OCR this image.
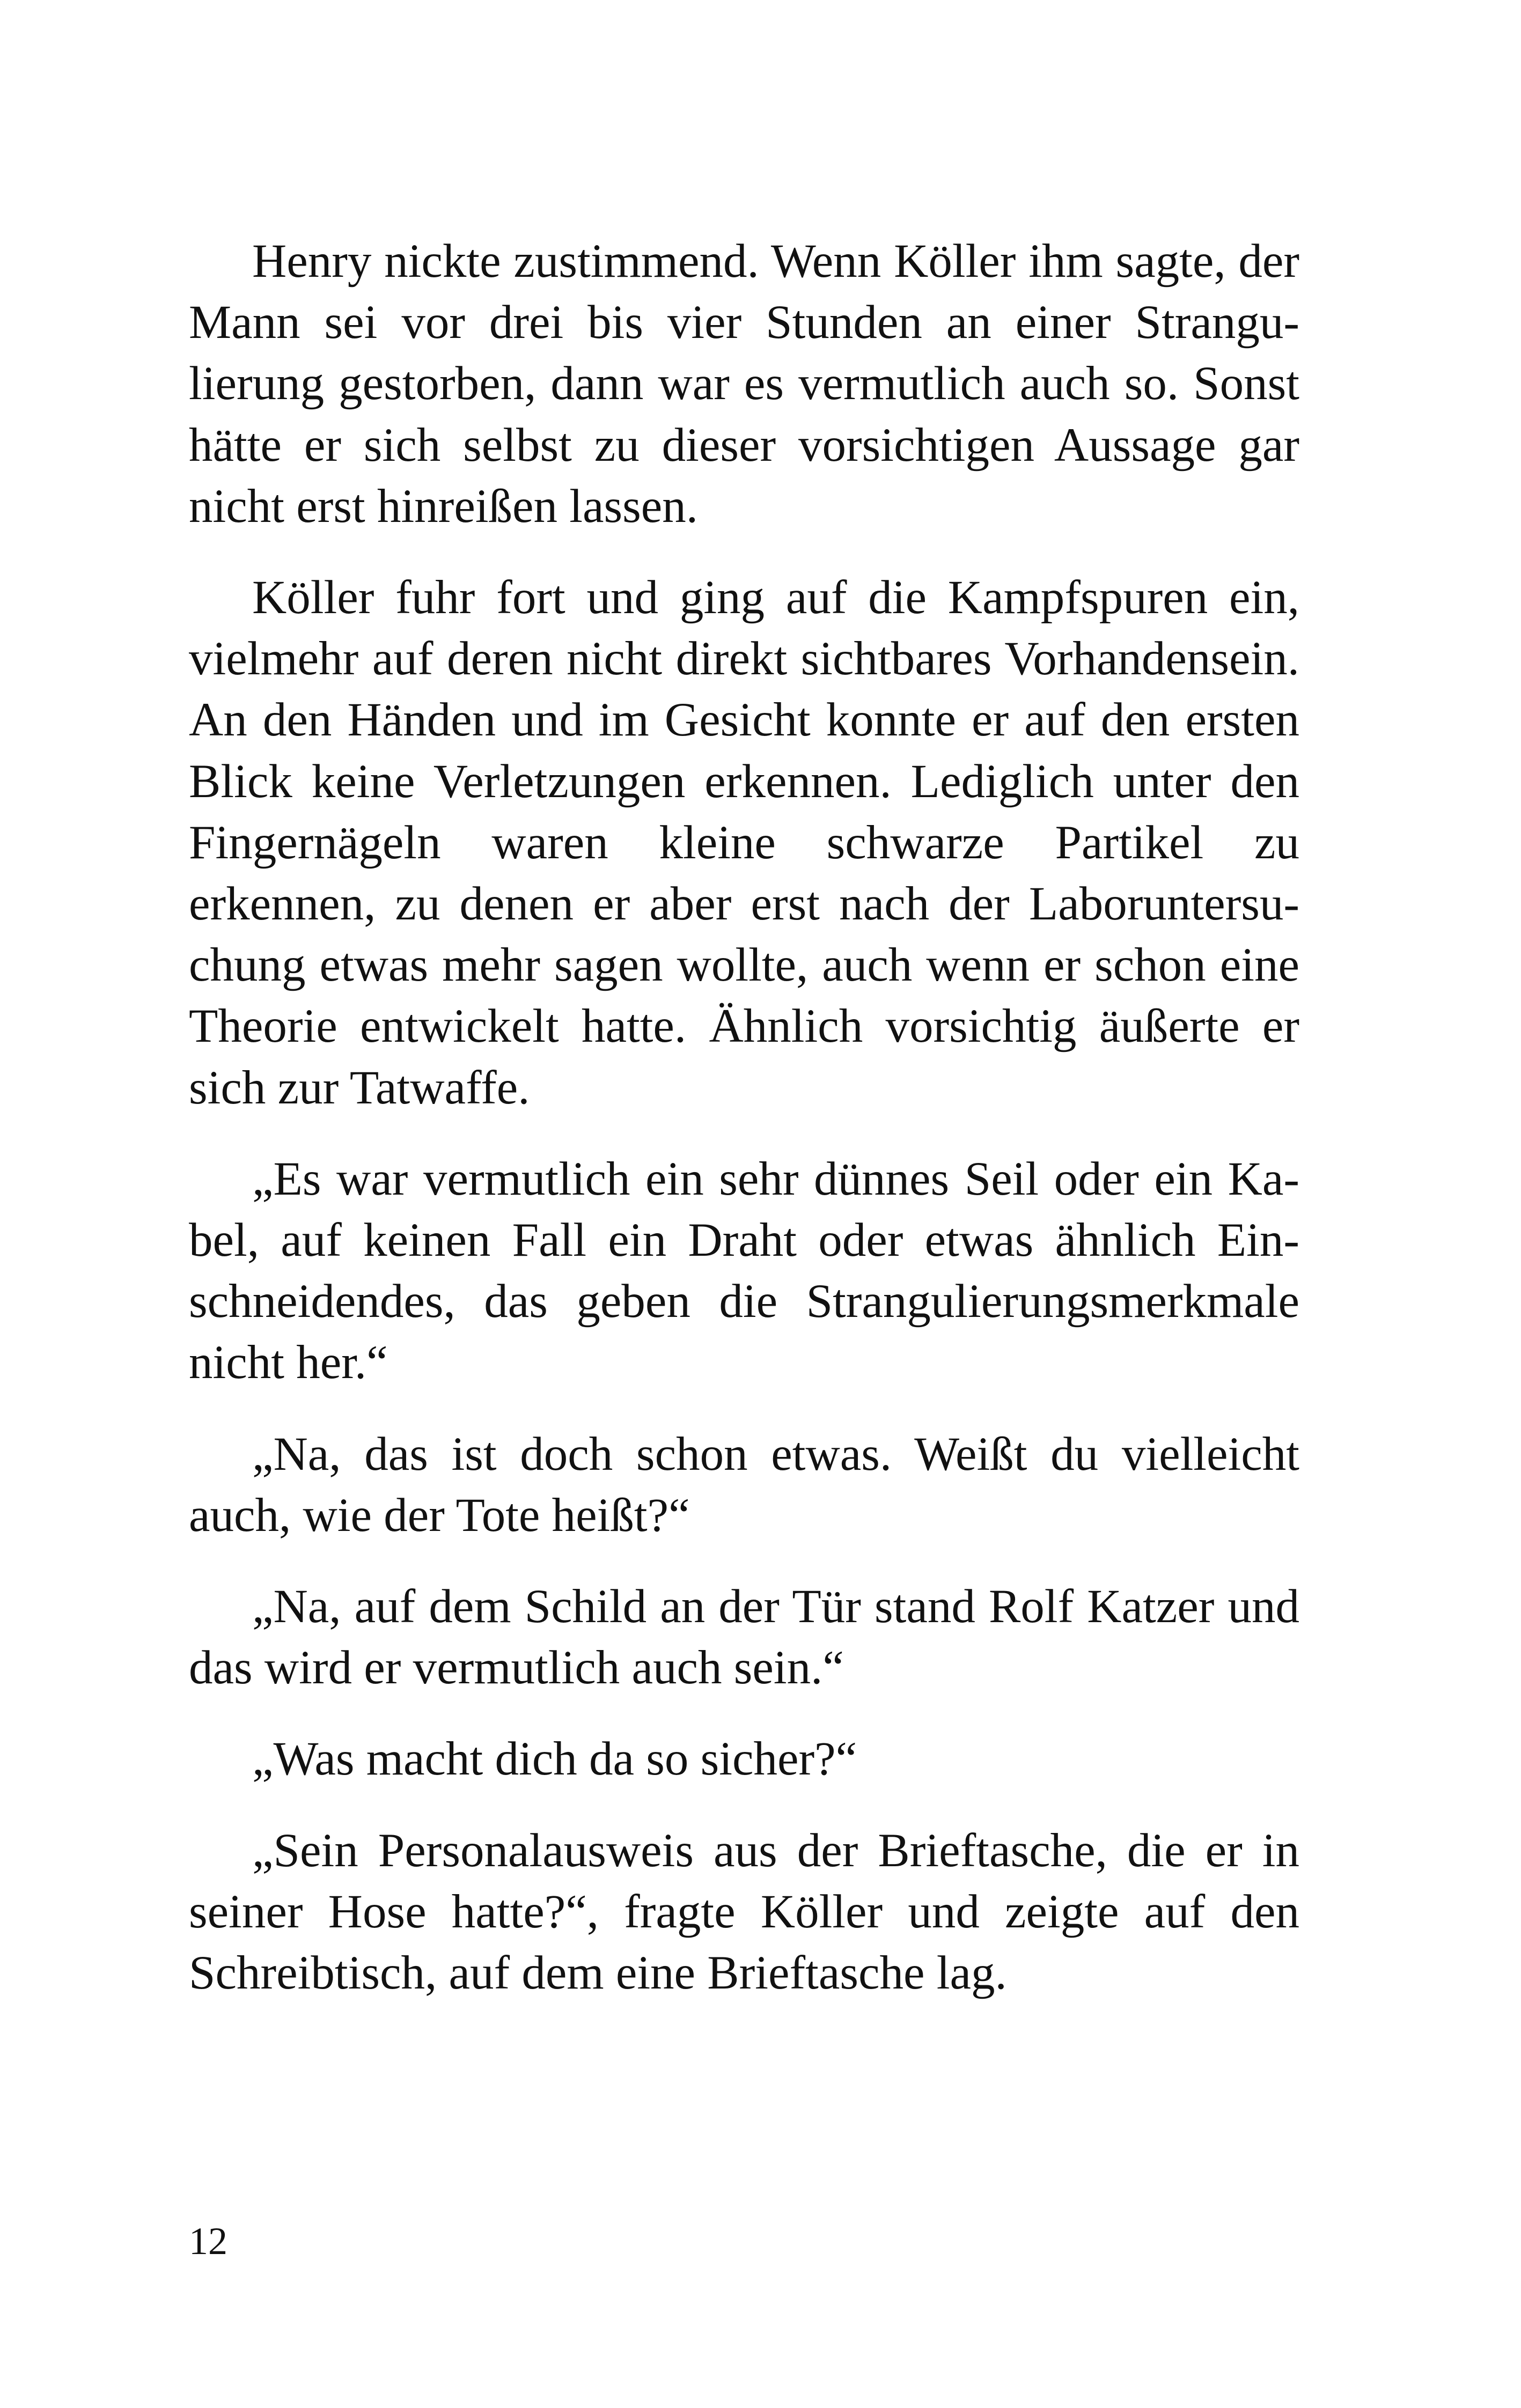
Henry nickte zustimmend. Wenn Köller ihm sagte, der Mann sei vor drei bis vier Stunden an einer Strangulierung gestorben, dann war es vermutlich auch so. Sonst hätte er sich selbst zu dieser vorsichtigen Aussage gar nicht erst hinreißen lassen.

Köller fuhr fort und ging auf die Kampfspuren ein, vielmehr auf deren nicht direkt sichtbares Vorhandensein. An den Händen und im Gesicht konnte er auf den ersten Blick keine Verletzungen erkennen. Lediglich unter den Fingernägeln waren kleine schwarze Partikel zu erkennen, zu denen er aber erst nach der Laboruntersuchung etwas mehr sagen wollte, auch wenn er schon eine Theorie entwickelt hatte. Ähnlich vorsichtig äußerte er sich zur Tatwaffe.

„Es war vermutlich ein sehr dünnes Seil oder ein Kabel, auf keinen Fall ein Draht oder etwas ähnlich Einschneidendes, das geben die Strangulierungsmerkmale nicht her.“

„Na, das ist doch schon etwas. Weißt du vielleicht auch, wie der Tote heißt?“

„Na, auf dem Schild an der Tür stand Rolf Katzer und das wird er vermutlich auch sein.“

„Was macht dich da so sicher?“

„Sein Personalausweis aus der Brieftasche, die er in seiner Hose hatte?“, fragte Köller und zeigte auf den Schreibtisch, auf dem eine Brieftasche lag.

12
